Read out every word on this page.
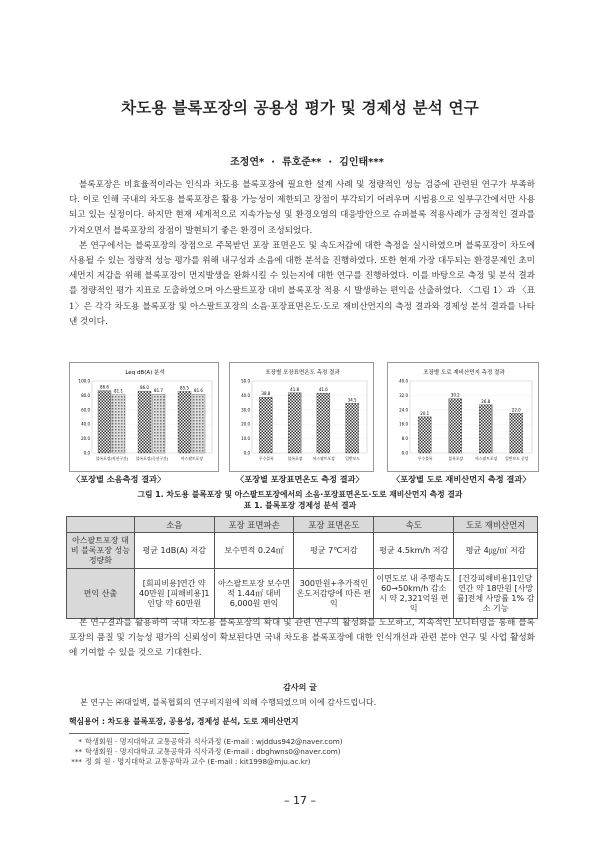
차도용 블록포장의 공용성 평가 및 경제성 분석 연구
조정연* · 류호준** · 김인태***

블록포장은 비효율적이라는 인식과 차도용 블록포장에 필요한 설계 사례 및 정량적인 성능 검증에 관련된 연구가 부족하다. 이로 인해 국내의 차도용 블록포장은 활용 가능성이 제한되고 장점이 부각되기 어려우며 시범용으로 일부구간에서만 사용되고 있는 실정이다. 하지만 현재 세계적으로 지속가능성 및 환경오염의 대응방안으로 슈퍼블록 적용사례가 긍정적인 결과를 가져오면서 블록포장의 장점이 발현되기 좋은 환경이 조성되었다.

본 연구에서는 블록포장의 장점으로 주목받던 포장 표면온도 및 속도저감에 대한 측정을 실시하였으며 블록포장이 차도에 사용될 수 있는 정량적 성능 평가를 위해 내구성과 소음에 대한 분석을 진행하였다. 또한 현재 가장 대두되는 환경문제인 초미세먼지 저감을 위해 블록포장이 먼지발생을 완화시킬 수 있는지에 대한 연구를 진행하였다. 이를 바탕으로 측정 및 분석 결과를 정량적인 평가 지표로 도출하였으며 아스팔트포장 대비 블록포장 적용 시 발생하는 편익을 산출하였다. 〈그림 1〉과 〈표 1〉은 각각 차도용 블록포장 및 아스팔트포장의 소음·포장표면온도·도로 재비산먼지의 측정 결과와 경제성 분석 결과를 나타낸 것이다.

Leq dB(A) 분석
0.0
20.0
40.0
60.0
80.0
100.0
86.6
81.1
블록포장(직선구간)
86.0
81.7
블록포장(곡선구간)
85.5
81.6
아스팔트포장
포장별 포장표면온도 측정 결과
0.0
10.0
20.0
30.0
40.0
50.0
38.8
투수블록
41.8
블록포장
41.6
아스팔트포장
34.5
일반보도
포장별 도로 재비산먼지 측정 결과
0.0
8.0
16.0
24.0
32.0
40.0
20.1
투수블록
30.2
블록포장
26.8
아스팔트포장
22.0
일반보도 중앙
〈포장별 소음측정 결과〉	〈포장별 포장표면온도 측정 결과〉	〈포장별 도로 재비산먼지 측정 결과〉
그림 1. 차도용 블록포장 및 아스팔트포장에서의 소음·포장표면온도·도로 재비산먼지 측정 결과
표 1. 블록포장 경제성 분석 결과
	소음	포장 표면파손	포장 표면온도	속도	도로 재비산먼지
아스팔트포장 대비 블록포장 성능 정량화	평균 1dB(A) 저감	보수면적 0.24㎡	평균 7℃저감	평균 4.5km/h 저감	평균 4㎍/㎥ 저감
편익 산출	[회피비용]연간 약 40만원 [피해비용]1인당 약 60만원	아스팔트포장 보수면적 1.44㎡ 대비 6,000원 편익	300만원+추가적인 온도저감량에 따른 편익	이면도로 내 주행속도 60→50km/h 감소 시 약 2,321억원 편익	[건강피해비용]1인당 연간 약 18만원 [사망률]전체 사망률 1% 감소 기능

본 연구결과를 활용하여 국내 차도용 블록포장의 확대 및 관련 연구의 활성화를 도모하고, 지속적인 모니터링을 통해 블록포장의 품질 및 기능성 평가의 신뢰성이 확보된다면 국내 차도용 블록포장에 대한 인식개선과 관련 분야 연구 및 사업 활성화에 기여할 수 있을 것으로 기대한다.

감사의 글
본 연구는 ㈜대일벽, 블록협회의 연구비지원에 의해 수행되었으며 이에 감사드립니다.
핵심용어 : 차도용 블록포장, 공용성, 경제성 분석, 도로 재비산먼지
* 학생회원 · 명지대학교 교통공학과 석사과정 (E-mail : wjddus942@naver.com)
** 학생회원 · 명지대학교 교통공학과 석사과정 (E-mail : dbghwns0@naver.com)
*** 정 회 원 · 명지대학교 교통공학과 교수 (E-mail : kit1998@mju.ac.kr)
– 17 –
